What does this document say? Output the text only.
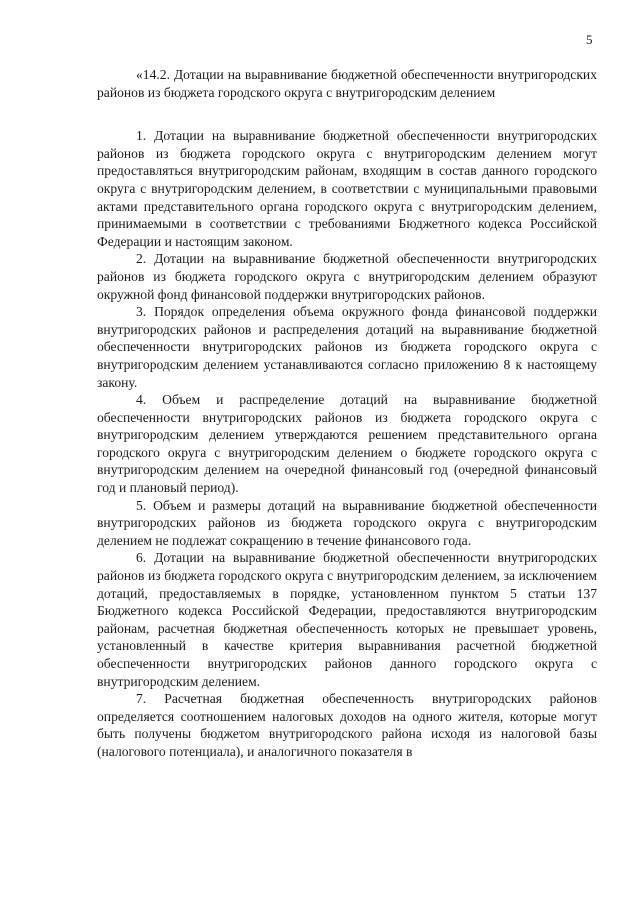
5

«14.2. Дотации на выравнивание бюджетной обеспеченности внутригородских районов из бюджета городского округа с внутригородским делением

1. Дотации на выравнивание бюджетной обеспеченности внутригородских районов из бюджета городского округа с внутригородским делением могут предоставляться внутригородским районам, входящим в состав данного городского округа с внутригородским делением, в соответствии с муниципальными правовыми актами представительного органа городского округа с внутригородским делением, принимаемыми в соответствии с требованиями Бюджетного кодекса Российской Федерации и настоящим законом.

2. Дотации на выравнивание бюджетной обеспеченности внутригородских районов из бюджета городского округа с внутригородским делением образуют окружной фонд финансовой поддержки внутригородских районов.

3. Порядок определения объема окружного фонда финансовой поддержки внутригородских районов и распределения дотаций на выравнивание бюджетной обеспеченности внутригородских районов из бюджета городского округа с внутригородским делением устанавливаются согласно приложению 8 к настоящему закону.

4. Объем и распределение дотаций на выравнивание бюджетной обеспеченности внутригородских районов из бюджета городского округа с внутригородским делением утверждаются решением представительного органа городского округа с внутригородским делением о бюджете городского округа с внутригородским делением на очередной финансовый год (очередной финансовый год и плановый период).

5. Объем и размеры дотаций на выравнивание бюджетной обеспеченности внутригородских районов из бюджета городского округа с внутригородским делением не подлежат сокращению в течение финансового года.

6. Дотации на выравнивание бюджетной обеспеченности внутригородских районов из бюджета городского округа с внутригородским делением, за исключением дотаций, предоставляемых в порядке, установленном пунктом 5 статьи 137 Бюджетного кодекса Российской Федерации, предоставляются внутригородским районам, расчетная бюджетная обеспеченность которых не превышает уровень, установленный в качестве критерия выравнивания расчетной бюджетной обеспеченности внутригородских районов данного городского округа с внутригородским делением.

7. Расчетная бюджетная обеспеченность внутригородских районов определяется соотношением налоговых доходов на одного жителя, которые могут быть получены бюджетом внутригородского района исходя из налоговой базы (налогового потенциала), и аналогичного показателя в
